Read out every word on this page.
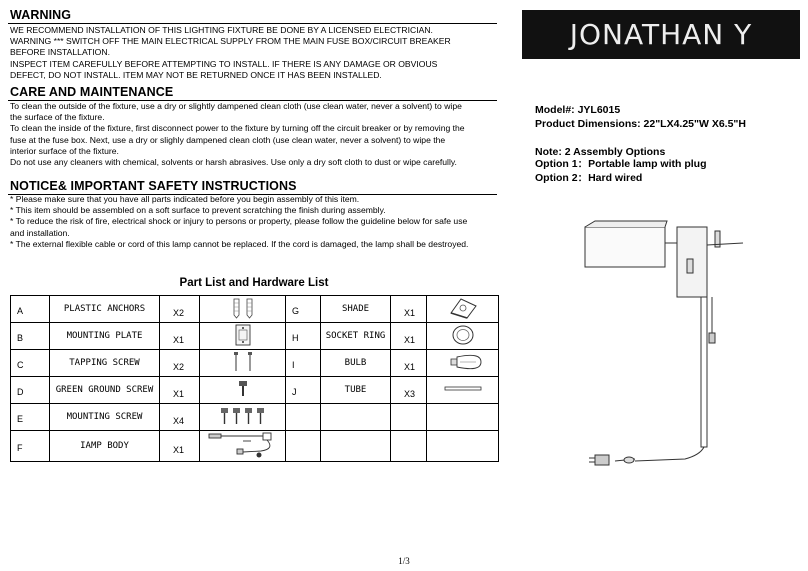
WARNING
WE RECOMMEND INSTALLATION OF THIS LIGHTING FIXTURE BE DONE BY A LICENSED ELECTRICIAN.
WARNING *** SWITCH OFF THE MAIN ELECTRICAL SUPPLY FROM THE MAIN FUSE BOX/CIRCUIT BREAKER
BEFORE INSTALLATION.
INSPECT ITEM CAREFULLY BEFORE ATTEMPTING TO INSTALL. IF THERE IS ANY DAMAGE OR OBVIOUS
DEFECT, DO NOT INSTALL. ITEM MAY NOT BE RETURNED ONCE IT HAS BEEN INSTALLED.
CARE AND MAINTENANCE
To clean the outside of the fixture, use a dry or slightly dampened clean cloth (use clean water, never a solvent) to wipe
the surface of the fixture.
To clean the inside of the fixture, first disconnect power to the fixture by turning off the circuit breaker or by removing the
fuse at the fuse box. Next, use a dry or slighly dampened clean cloth (use clean water, never a solvent) to wipe the
interior surface of the fixture.
Do not use any cleaners with chemical, solvents or harsh abrasives. Use only a dry soft cloth to dust or wipe carefully.
NOTICE& IMPORTANT SAFETY INSTRUCTIONS
* Please make sure that you have all parts indicated before you begin assembly of this item.
* This item should be assembled on a soft surface to prevent scratching the finish during assembly.
* To reduce the risk of fire, electrical shock or injury to persons or property, please follow the guideline below for safe use
and installation.
* The external flexible cable or cord of this lamp cannot be replaced. If the cord is damaged, the lamp shall be destroyed.
Part List and Hardware List
A	PLASTIC ANCHORS	X2		G	SHADE	X1	
B	MOUNTING PLATE	X1		H	SOCKET RING	X1	
C	TAPPING SCREW	X2		I	BULB	X1	
D	GREEN GROUND SCREW	X1		J	TUBE	X3	
E	MOUNTING SCREW	X4					
F	IAMP BODY	X1					
JONATHAN Y
Model#: JYL6015
Product Dimensions: 22"LX4.25"W X6.5"H
Note: 2 Assembly Options
Option 1：Portable lamp with plug
Option 2：Hard wired
1/3
